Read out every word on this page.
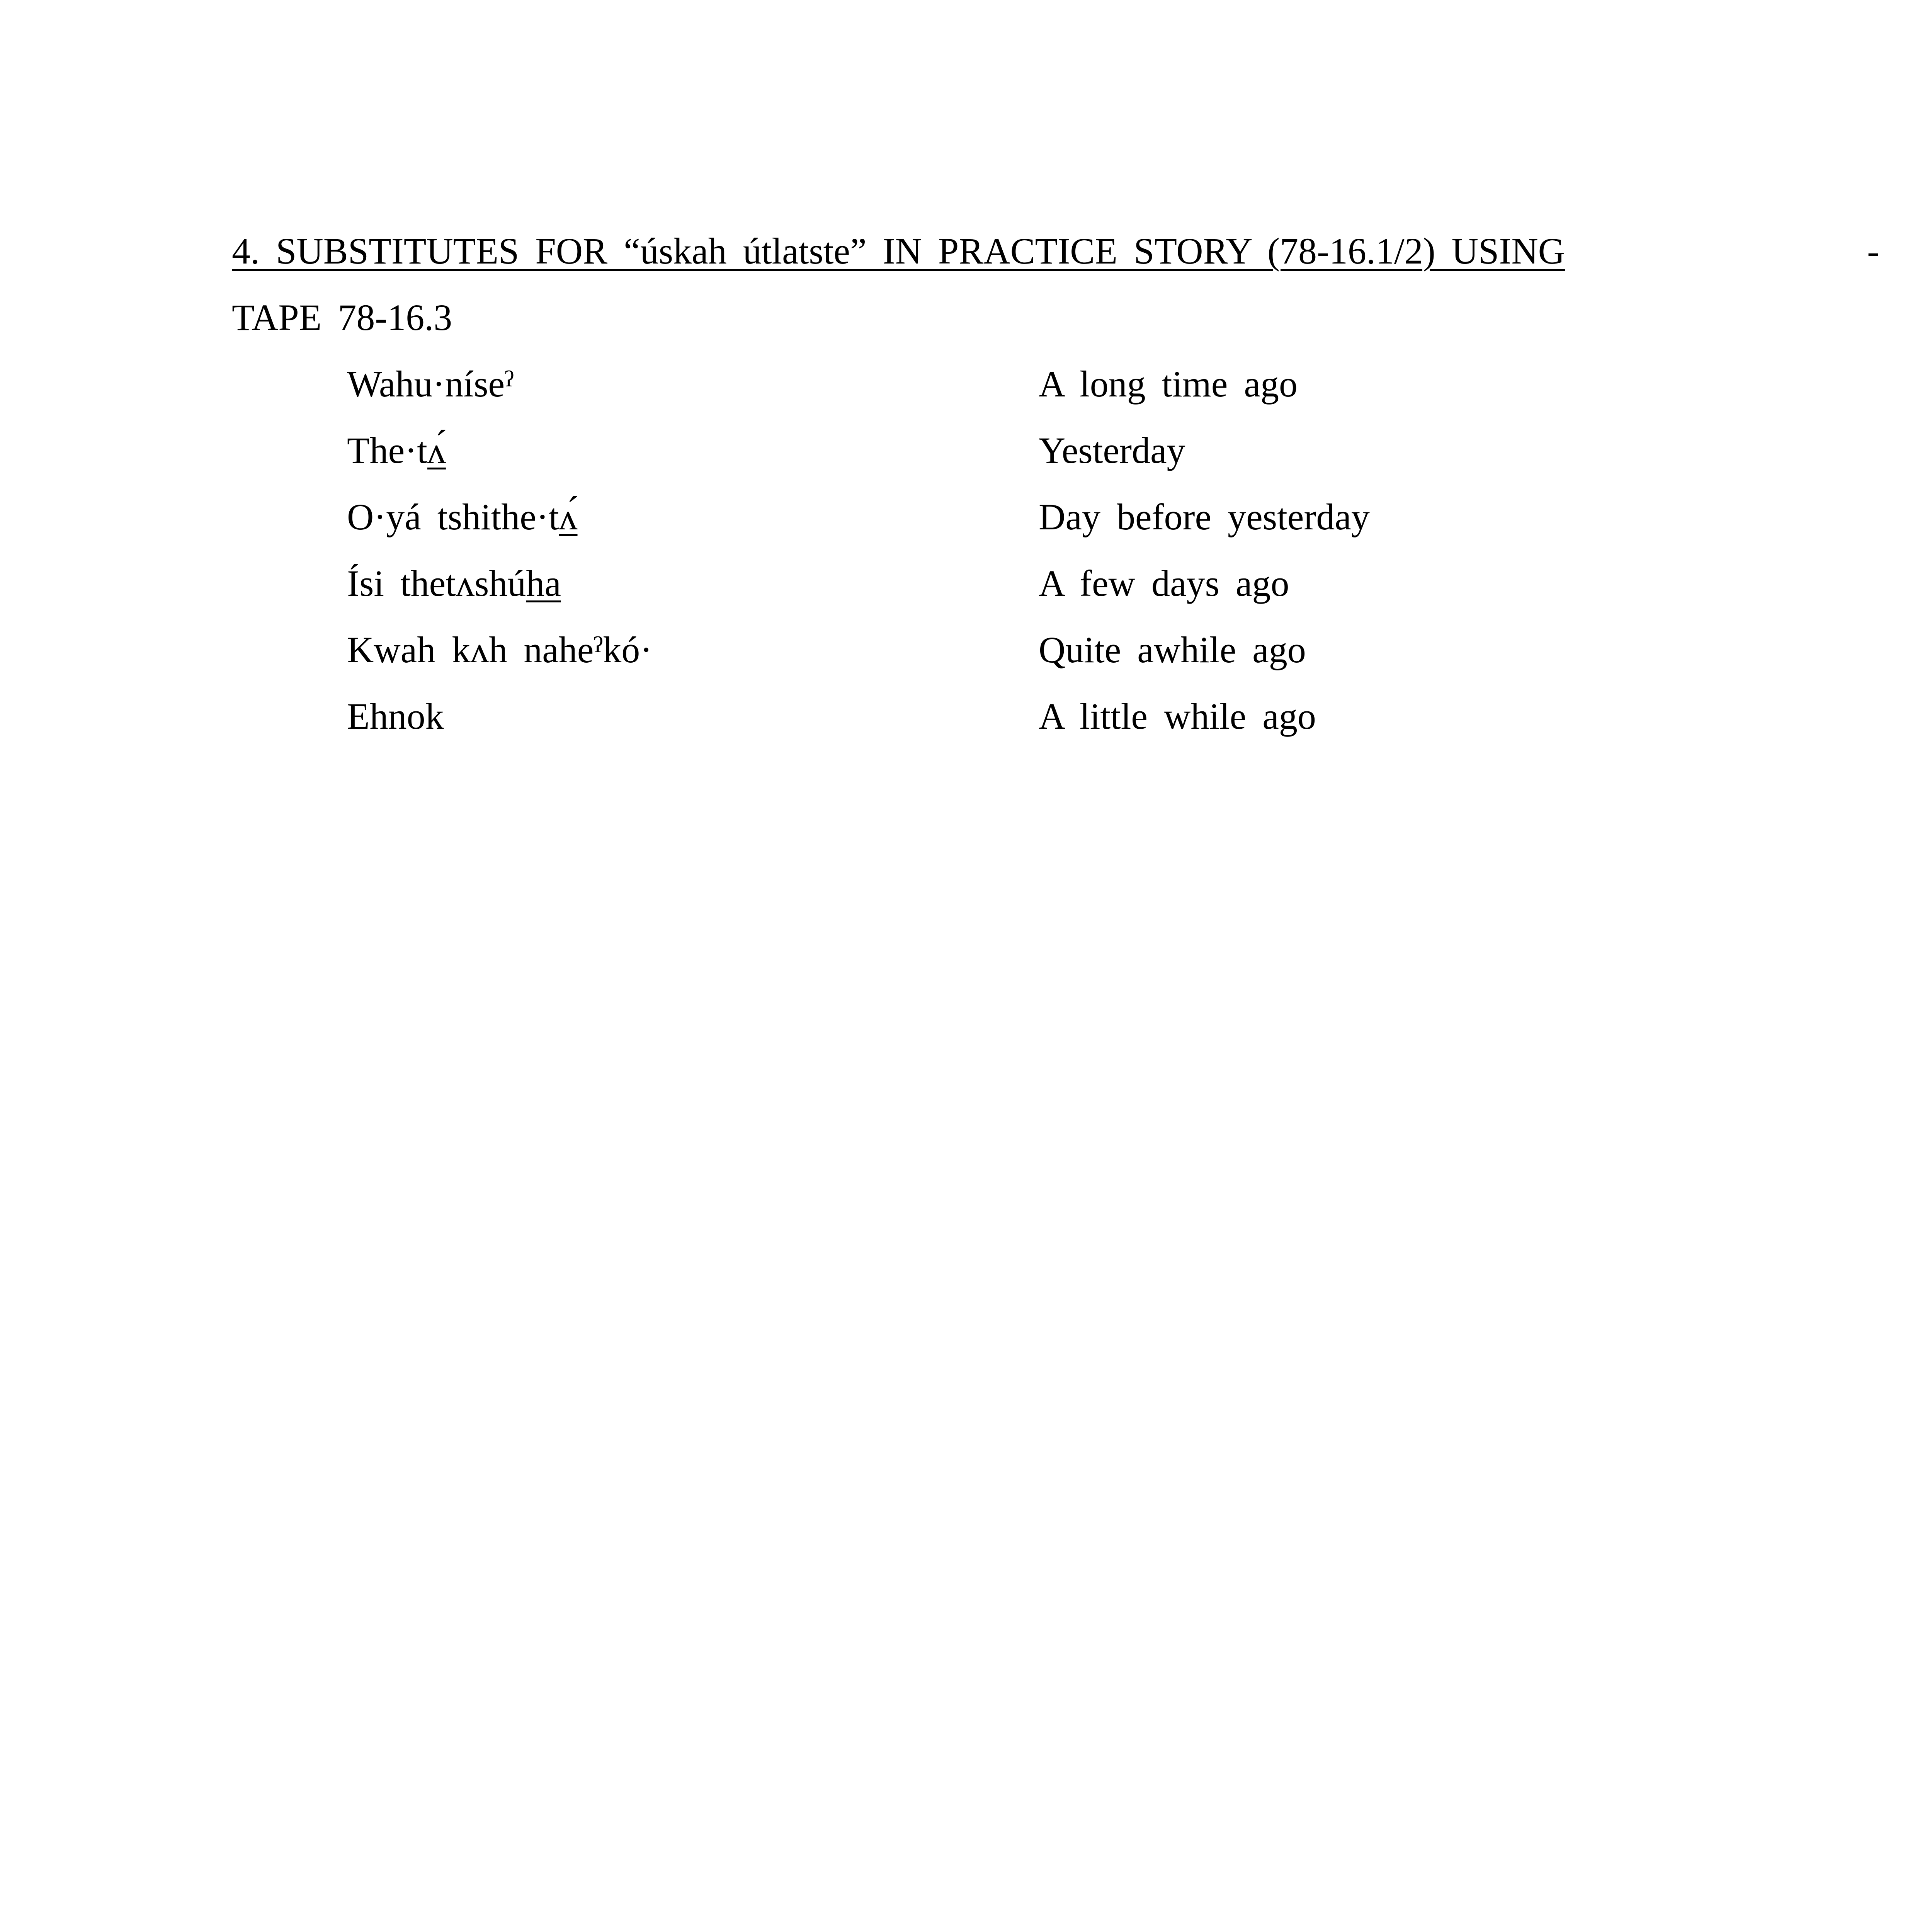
4. SUBSTITUTES FOR “úskah útlatste” IN PRACTICE STORY (78-16.1/2) USING	-
TAPE 78-16.3
Wahu·níseˀ	A long time ago
The·tʌ́	Yesterday
O·yá tshithe·tʌ́	Day before yesterday
Ísi thetʌshúha	A few days ago
Kwah kʌh naheˀkó·	Quite awhile ago
Ehnok	A little while ago
